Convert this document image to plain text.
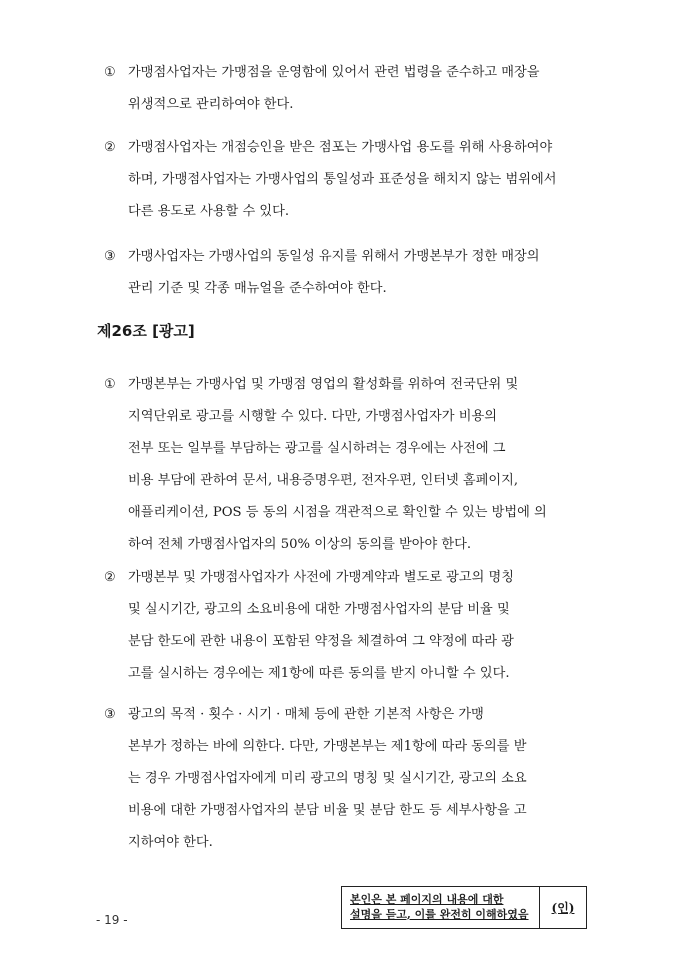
① 가맹점사업자는 가맹점을 운영함에 있어서 관련 법령을 준수하고 매장을
위생적으로 관리하여야 한다.
② 가맹점사업자는 개점승인을 받은 점포는 가맹사업 용도를 위해 사용하여야
하며, 가맹점사업자는 가맹사업의 통일성과 표준성을 해치지 않는 범위에서
다른 용도로 사용할 수 있다.
③ 가맹사업자는 가맹사업의 동일성 유지를 위해서 가맹본부가 정한 매장의
관리 기준 및 각종 매뉴얼을 준수하여야 한다.
제26조 [광고]
① 가맹본부는 가맹사업 및 가맹점 영업의 활성화를 위하여 전국단위 및
지역단위로 광고를 시행할 수 있다. 다만, 가맹점사업자가 비용의
전부 또는 일부를 부담하는 광고를 실시하려는 경우에는 사전에 그
비용 부담에 관하여 문서, 내용증명우편, 전자우편, 인터넷 홈페이지,
애플리케이션, POS 등 동의 시점을 객관적으로 확인할 수 있는 방법에 의
하여 전체 가맹점사업자의 50% 이상의 동의를 받아야 한다.
② 가맹본부 및 가맹점사업자가 사전에 가맹계약과 별도로 광고의 명칭
및 실시기간, 광고의 소요비용에 대한 가맹점사업자의 분담 비율 및
분담 한도에 관한 내용이 포함된 약정을 체결하여 그 약정에 따라 광
고를 실시하는 경우에는 제1항에 따른 동의를 받지 아니할 수 있다.
③ 광고의 목적 · 횟수 · 시기 · 매체 등에 관한 기본적 사항은 가맹
본부가 정하는 바에 의한다. 다만, 가맹본부는 제1항에 따라 동의를 받
는 경우 가맹점사업자에게 미리 광고의 명칭 및 실시기간, 광고의 소요
비용에 대한 가맹점사업자의 분담 비율 및 분담 한도 등 세부사항을 고
지하여야 한다.
- 19 -
본인은 본 페이지의 내용에 대한
설명을 듣고, 이를 완전히 이해하였음	(인)
